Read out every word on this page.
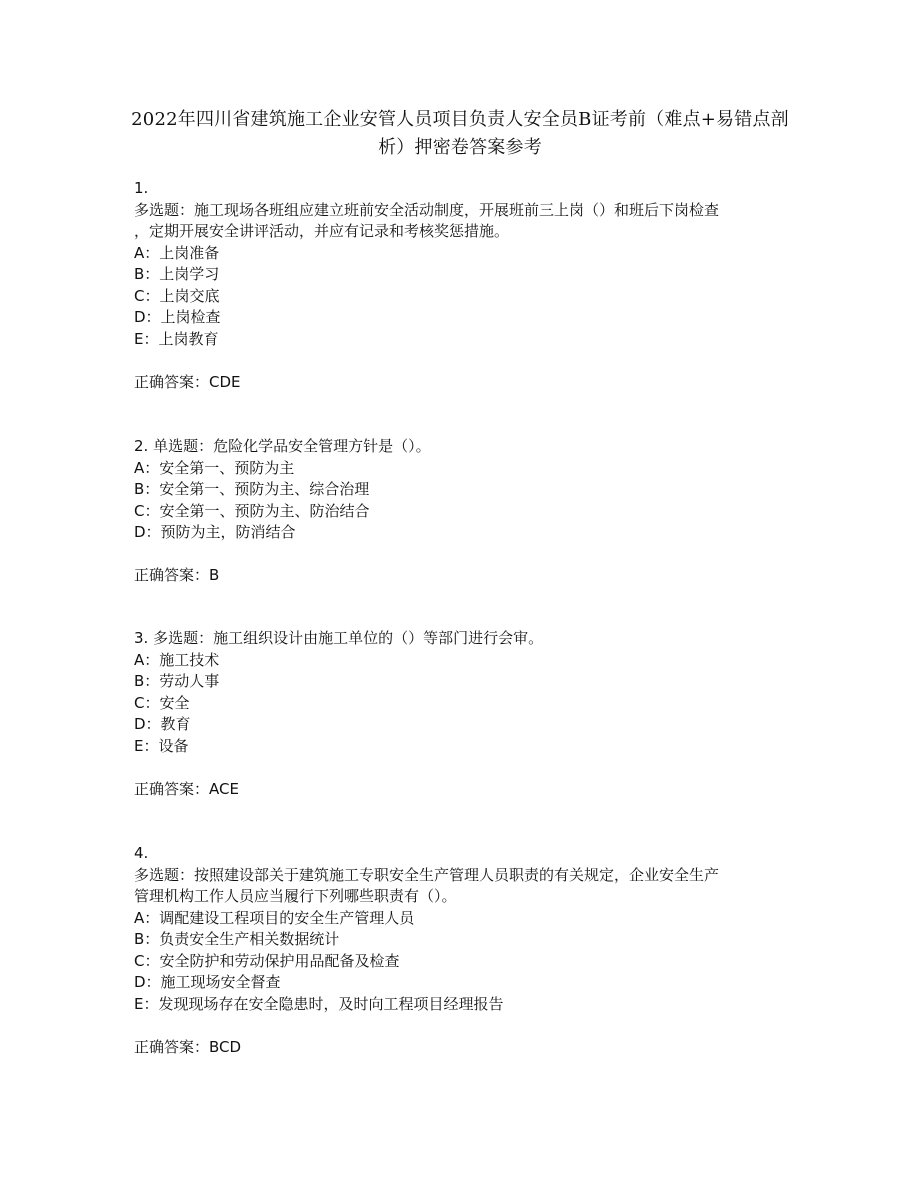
2022年四川省建筑施工企业安管人员项目负责人安全员B证考前（难点+易错点剖
析）押密卷答案参考
1.
多选题：施工现场各班组应建立班前安全活动制度，开展班前三上岗（）和班后下岗检查
，定期开展安全讲评活动，并应有记录和考核奖惩措施。
A：上岗准备
B：上岗学习
C：上岗交底
D：上岗检查
E：上岗教育
正确答案：CDE
2. 单选题：危险化学品安全管理方针是（）。
A：安全第一、预防为主
B：安全第一、预防为主、综合治理
C：安全第一、预防为主、防治结合
D：预防为主，防消结合
正确答案：B
3. 多选题：施工组织设计由施工单位的（）等部门进行会审。
A：施工技术
B：劳动人事
C：安全
D：教育
E：设备
正确答案：ACE
4.
多选题：按照建设部关于建筑施工专职安全生产管理人员职责的有关规定，企业安全生产
管理机构工作人员应当履行下列哪些职责有（）。
A：调配建设工程项目的安全生产管理人员
B：负责安全生产相关数据统计
C：安全防护和劳动保护用品配备及检查
D：施工现场安全督查
E：发现现场存在安全隐患时，及时向工程项目经理报告
正确答案：BCD
